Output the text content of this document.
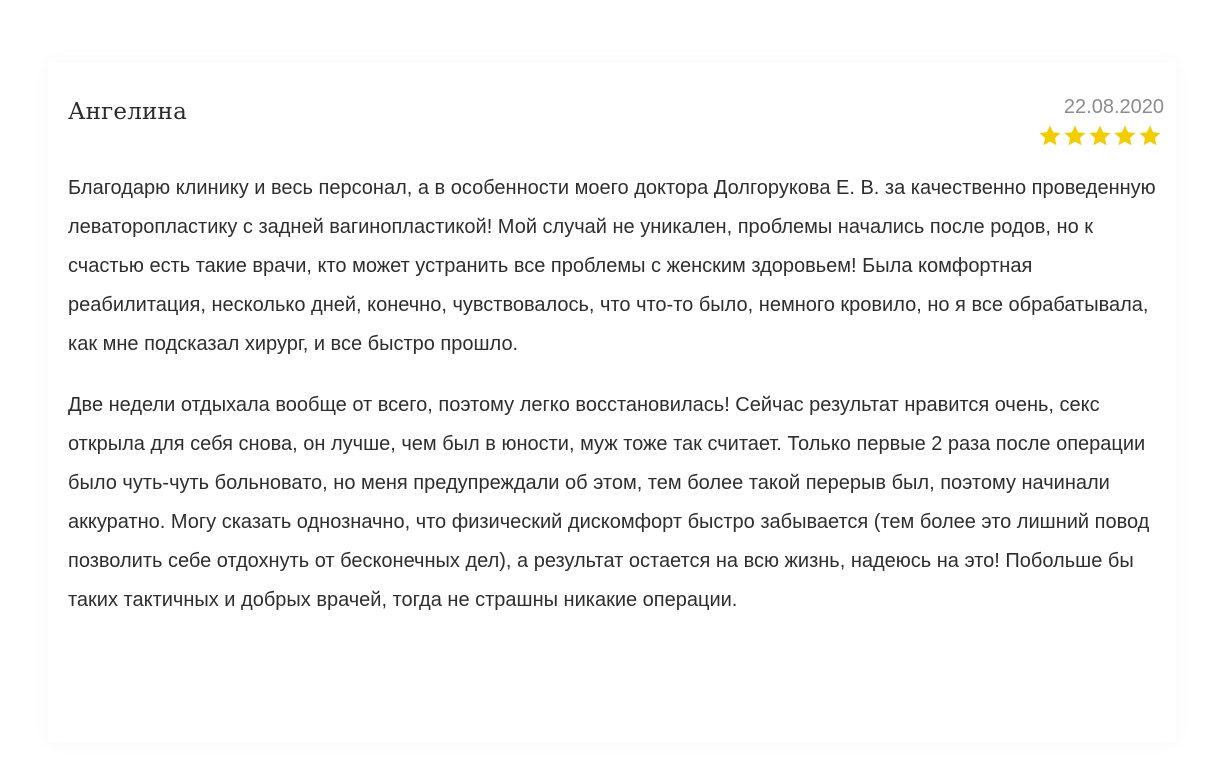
Ангелина	22.08.2020

Благодарю клинику и весь персонал, а в особенности моего доктора Долгорукова Е. В. за качественно проведенную леватoропластику с задней вагинопластикой! Мой случай не уникален, проблемы начались после родов, но к счастью есть такие врачи, кто может устранить все проблемы с женским здоровьем! Была комфортная реабилитация, несколько дней, конечно, чувствовалось, что что-то было, немного кровило, но я все обрабатывала, как мне подсказал хирург, и все быстро прошло.

Две недели отдыхала вообще от всего, поэтому легко восстановилась! Сейчас результат нравится очень, секс открыла для себя снова, он лучше, чем был в юности, муж тоже так считает. Только первые 2 раза после операции было чуть-чуть больновато, но меня предупреждали об этом, тем более такой перерыв был, поэтому начинали аккуратно. Могу сказать однозначно, что физический дискомфорт быстро забывается (тем более это лишний повод позволить себе отдохнуть от бесконечных дел), а результат остается на всю жизнь, надеюсь на это! Побольше бы таких тактичных и добрых врачей, тогда не страшны никакие операции.
